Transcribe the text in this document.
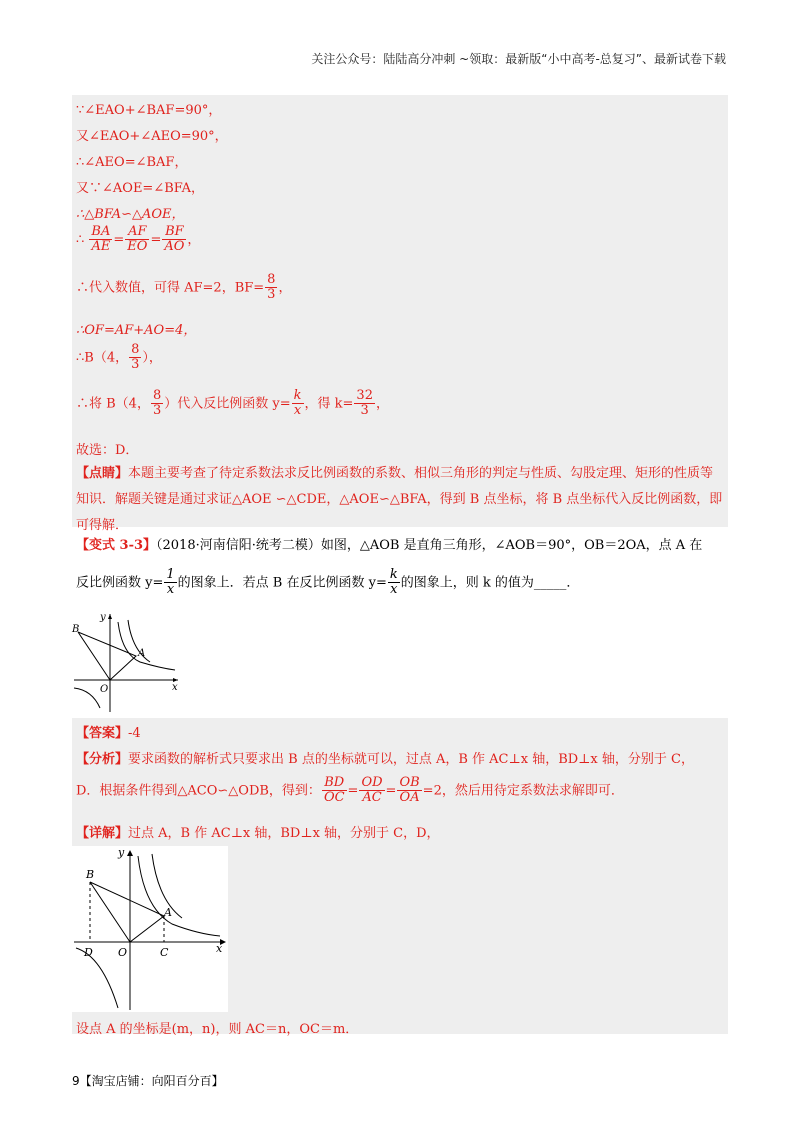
关注公众号：陆陆高分冲刺 ~领取：最新版“小中高考-总复习”、最新试卷下载
∵∠EAO+∠BAF=90°，
又∠EAO+∠AEO=90°，
∴∠AEO=∠BAF，
又∵∠AOE=∠BFA，
∴△BFA∽△AOE，
∴ $\frac{BA}{AE} = \frac{AF}{EO} = \frac{BF}{AO}$ ，
∴代入数值，可得 AF=2，$BF= \frac{8}{3}$ ，
∴OF=AF+AO=4，
∴B（4， $\frac{8}{3}$ ），
∴将 B（4， $\frac{8}{3}$ ）代入反比例函数 $y= \frac{k}{x}$ ，得 $k= \frac{32}{3}$ ，
故选：D．
【点睛】本题主要考查了待定系数法求反比例函数的系数、相似三角形的判定与性质、勾股定理、矩形的性质等知识．解题关键是通过求证△AOE ∽△CDE，△AOE∽△BFA，得到 B 点坐标，将 B 点坐标代入反比例函数，即可得解．
【变式 3-3】（2018·河南信阳·统考二模）如图，△AOB 是直角三角形，∠AOB＝90°，OB＝2OA，点 A 在
反比例函数 $y= \frac{1}{x}$ 的图象上．若点 B 在反比例函数 $y= \frac{k}{x}$ 的图象上，则 k 的值为_____．
B
y
A
O	x
【答案】-4
【分析】要求函数的解析式只要求出 B 点的坐标就可以，过点 A，B 作 AC⊥x 轴，BD⊥x 轴，分别于 C，
D．根据条件得到△ACO∽△ODB，得到： $\frac{BD}{OC} = \frac{OD}{AC} = \frac{OB}{OA} =2$，然后用待定系数法求解即可．
【详解】过点 A，B 作 AC⊥x 轴，BD⊥x 轴，分别于 C，D，
y
B
A
D O	C	x
设点 A 的坐标是(m，n)，则 AC＝n，OC＝m．
9【淘宝店铺：向阳百分百】
